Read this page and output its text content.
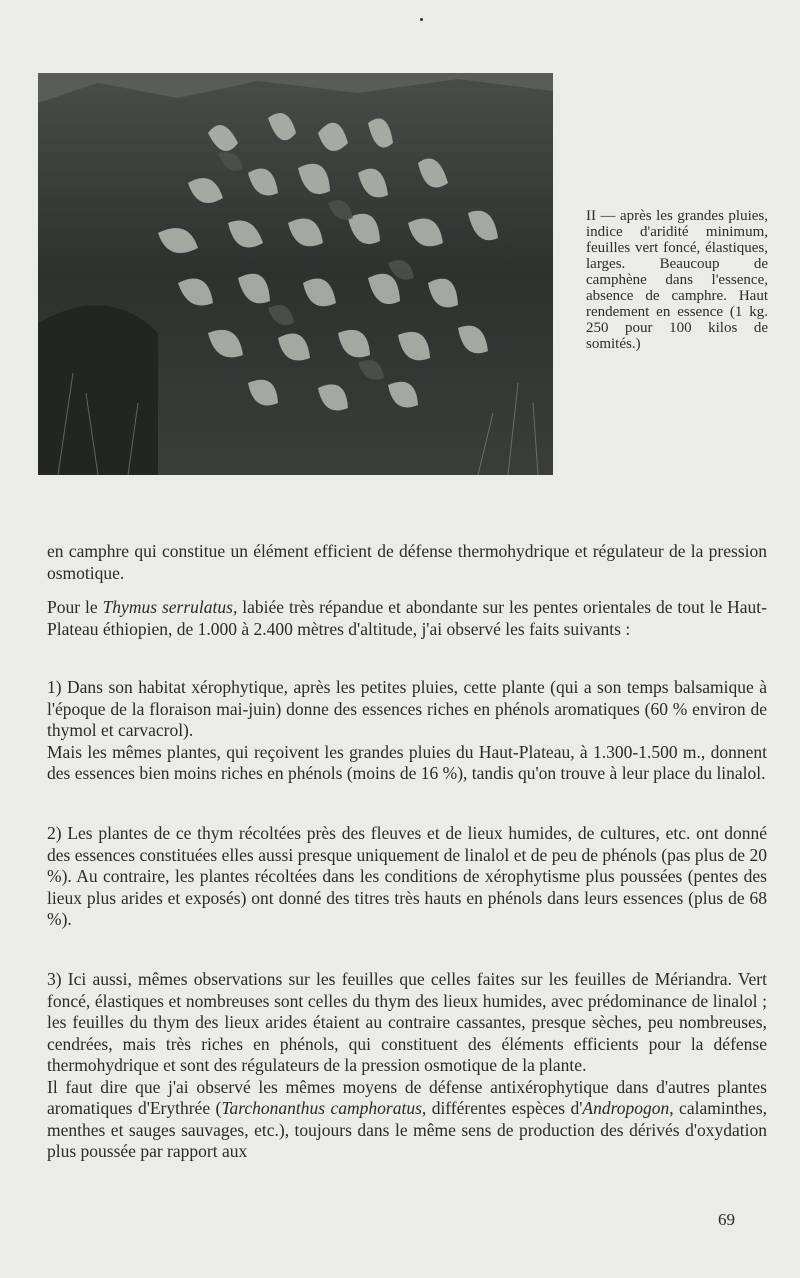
II — après les grandes pluies, indice d'aridité minimum, feuilles vert foncé, élastiques, larges. Beaucoup de camphène dans l'essence, absence de camphre. Haut rendement en essence (1 kg. 250 pour 100 kilos de somités.)

en camphre qui constitue un élément efficient de défense thermohydrique et régulateur de la pression osmotique.

Pour le Thymus serrulatus, labiée très répandue et abondante sur les pentes orientales de tout le Haut-Plateau éthiopien, de 1.000 à 2.400 mètres d'altitude, j'ai observé les faits suivants :

1) Dans son habitat xérophytique, après les petites pluies, cette plante (qui a son temps balsamique à l'époque de la floraison mai-juin) donne des essences riches en phénols aromatiques (60 % environ de thymol et carvacrol).

Mais les mêmes plantes, qui reçoivent les grandes pluies du Haut-Plateau, à 1.300-1.500 m., donnent des essences bien moins riches en phénols (moins de 16 %), tandis qu'on trouve à leur place du linalol.

2) Les plantes de ce thym récoltées près des fleuves et de lieux humides, de cultures, etc. ont donné des essences constituées elles aussi presque uniquement de linalol et de peu de phénols (pas plus de 20 %). Au contraire, les plantes récoltées dans les conditions de xérophytisme plus poussées (pentes des lieux plus arides et exposés) ont donné des titres très hauts en phénols dans leurs essences (plus de 68 %).

3) Ici aussi, mêmes observations sur les feuilles que celles faites sur les feuilles de Mériandra. Vert foncé, élastiques et nombreuses sont celles du thym des lieux humides, avec prédominance de linalol ; les feuilles du thym des lieux arides étaient au contraire cassantes, presque sèches, peu nombreuses, cendrées, mais très riches en phénols, qui constituent des éléments efficients pour la défense thermohydrique et sont des régulateurs de la pression osmotique de la plante.

Il faut dire que j'ai observé les mêmes moyens de défense antixérophytique dans d'autres plantes aromatiques d'Erythrée (Tarchonanthus camphoratus, différentes espèces d'Andropogon, calaminthes, menthes et sauges sauvages, etc.), toujours dans le même sens de production des dérivés d'oxydation plus poussée par rapport aux

69
